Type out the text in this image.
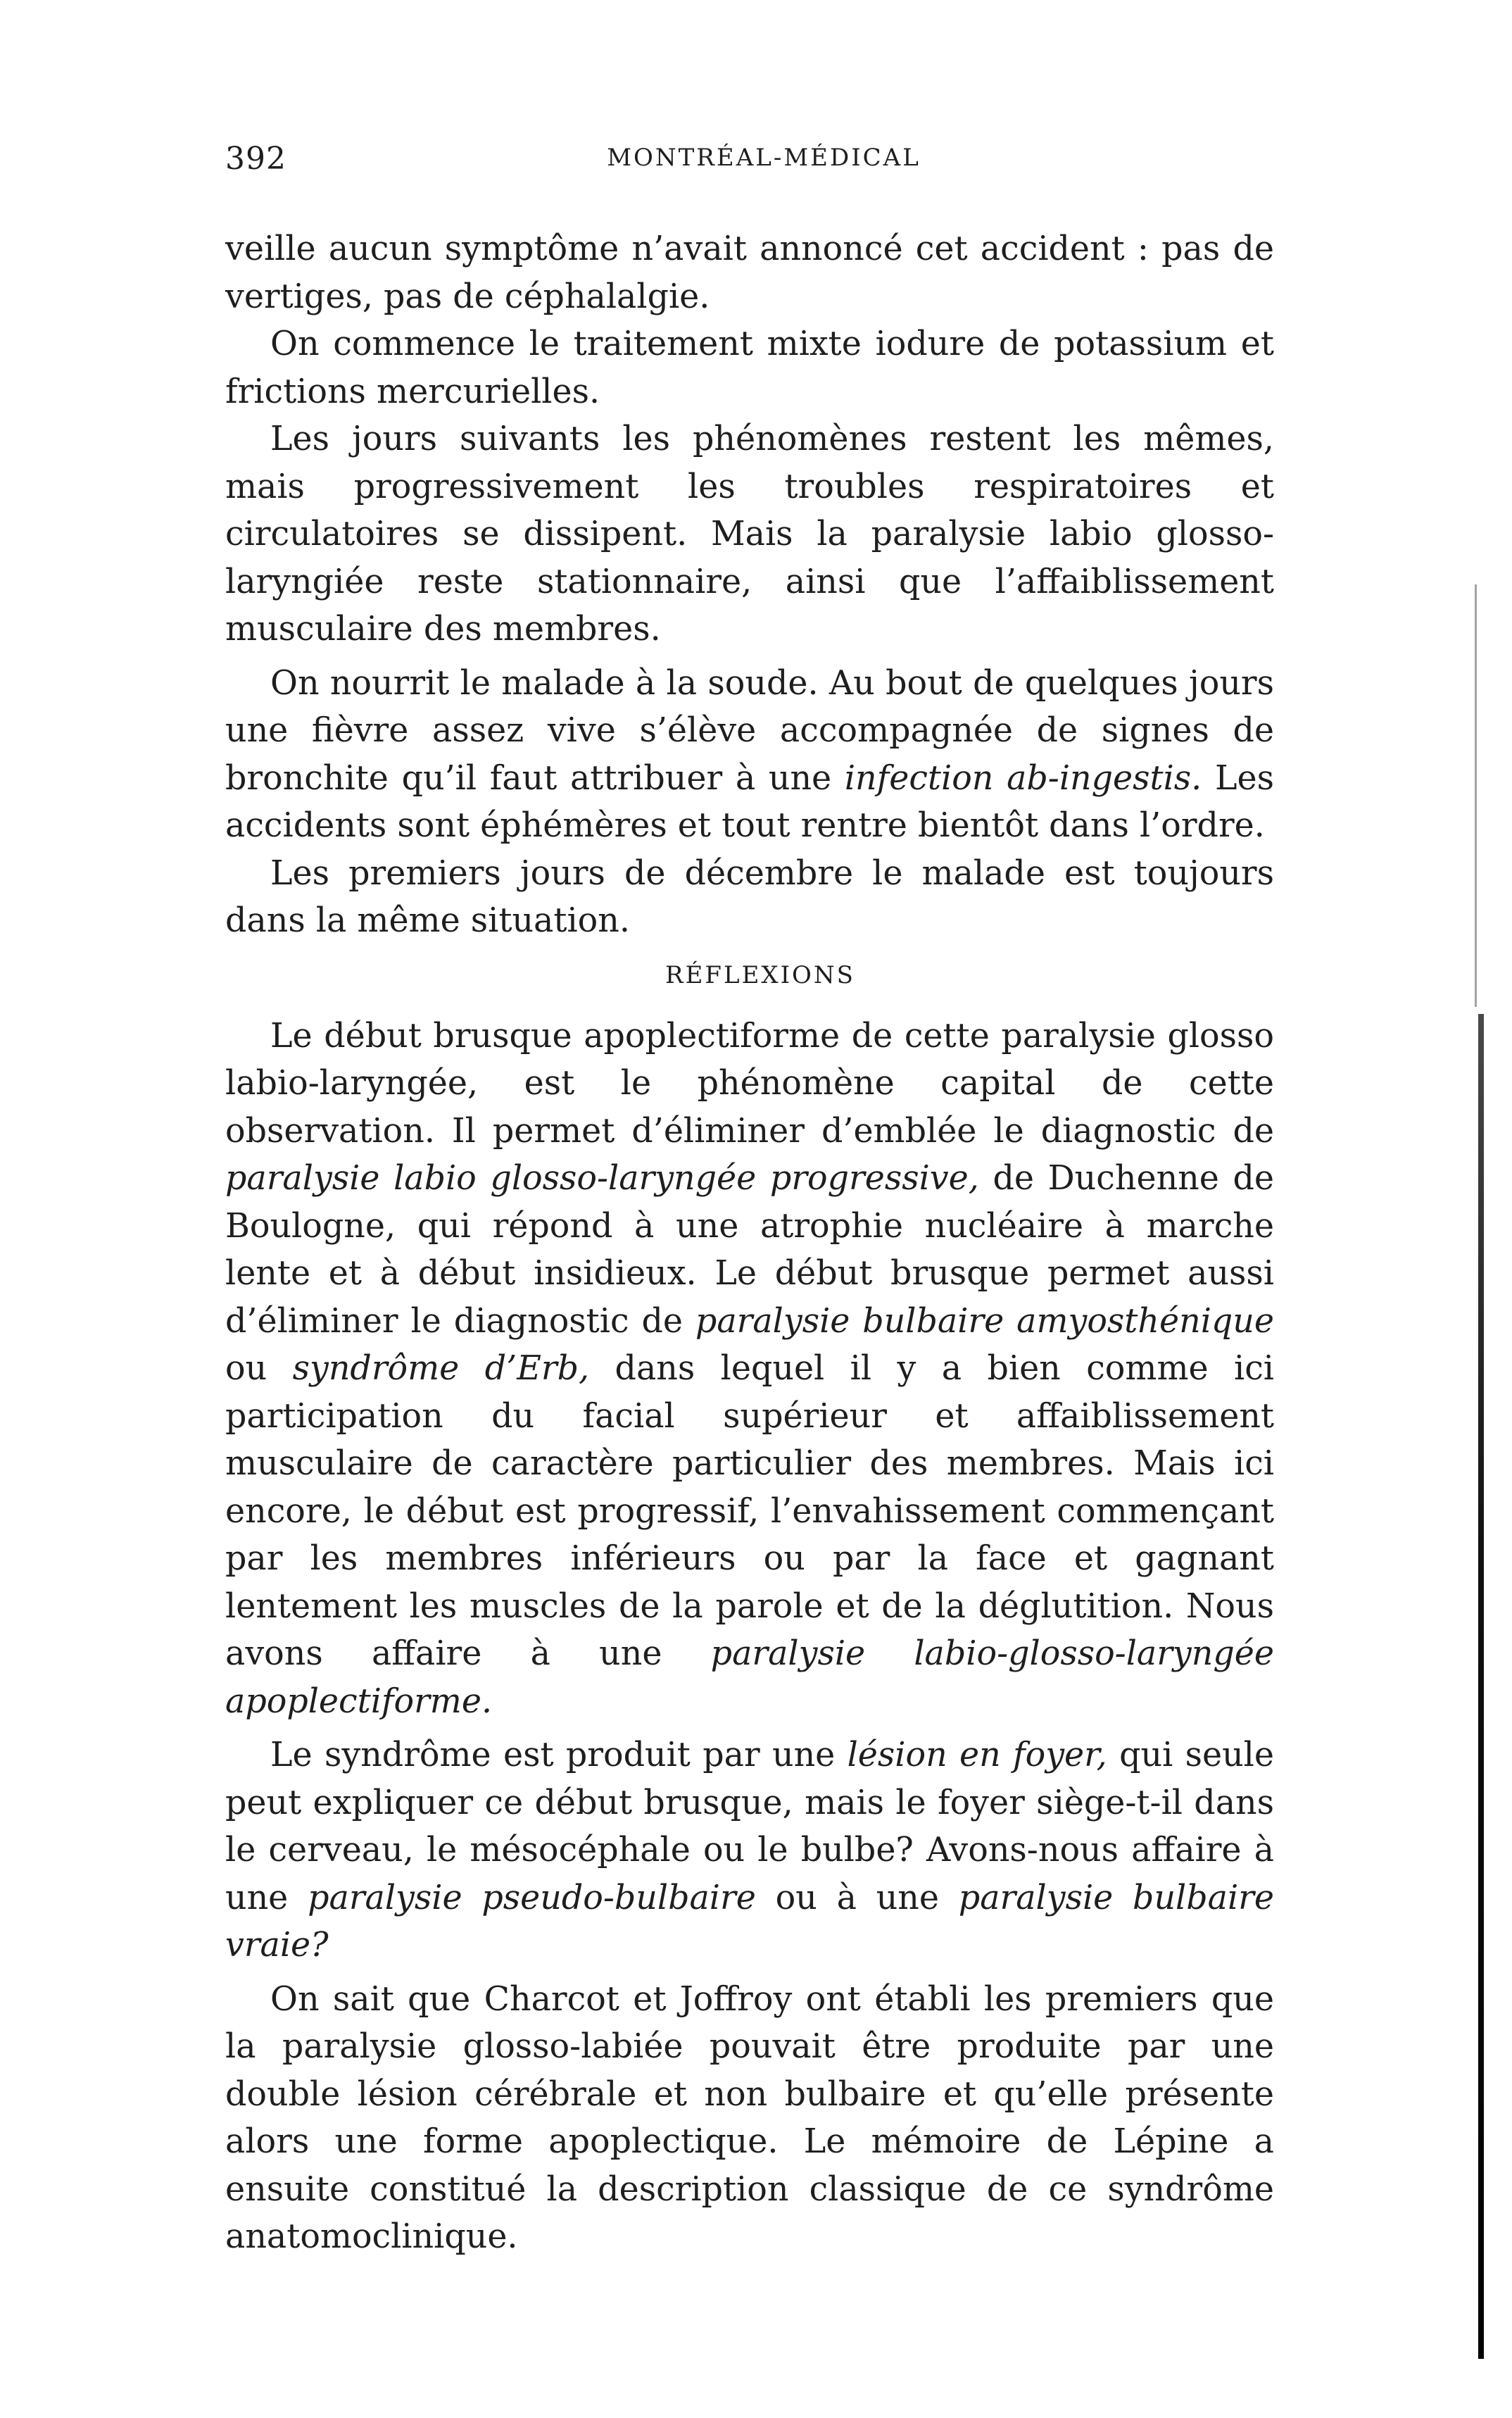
392	MONTRÉAL-MÉDICAL

veille aucun symptôme n’avait annoncé cet accident : pas de vertiges, pas de céphalalgie.

On commence le traitement mixte iodure de potassium et frictions mercurielles.

Les jours suivants les phénomènes restent les mêmes, mais progressivement les troubles respiratoires et circulatoires se dissipent. Mais la paralysie labio glosso-laryngiée reste stationnaire, ainsi que l’affaiblissement musculaire des membres.

On nourrit le malade à la soude. Au bout de quelques jours une fièvre assez vive s’élève accompagnée de signes de bronchite qu’il faut attribuer à une infection ab-ingestis. Les accidents sont éphémères et tout rentre bientôt dans l’ordre.

Les premiers jours de décembre le malade est toujours dans la même situation.

RÉFLEXIONS

Le début brusque apoplectiforme de cette paralysie glosso labio-laryngée, est le phénomène capital de cette observation. Il permet d’éliminer d’emblée le diagnostic de paralysie labio glosso-laryngée progressive, de Duchenne de Boulogne, qui répond à une atrophie nucléaire à marche lente et à début insidieux. Le début brusque permet aussi d’éliminer le diagnostic de paralysie bulbaire amyosthénique ou syndrôme d’Erb, dans lequel il y a bien comme ici participation du facial supérieur et affaiblissement musculaire de caractère particulier des membres. Mais ici encore, le début est progressif, l’envahissement commençant par les membres inférieurs ou par la face et gagnant lentement les muscles de la parole et de la déglutition. Nous avons affaire à une paralysie labio-glosso-laryngée apoplectiforme.

Le syndrôme est produit par une lésion en foyer, qui seule peut expliquer ce début brusque, mais le foyer siège-t-il dans le cerveau, le mésocéphale ou le bulbe? Avons-nous affaire à une paralysie pseudo-bulbaire ou à une paralysie bulbaire vraie?

On sait que Charcot et Joffroy ont établi les premiers que la paralysie glosso-labiée pouvait être produite par une double lésion cérébrale et non bulbaire et qu’elle présente alors une forme apoplectique. Le mémoire de Lépine a ensuite constitué la description classique de ce syndrôme anatomoclinique.
